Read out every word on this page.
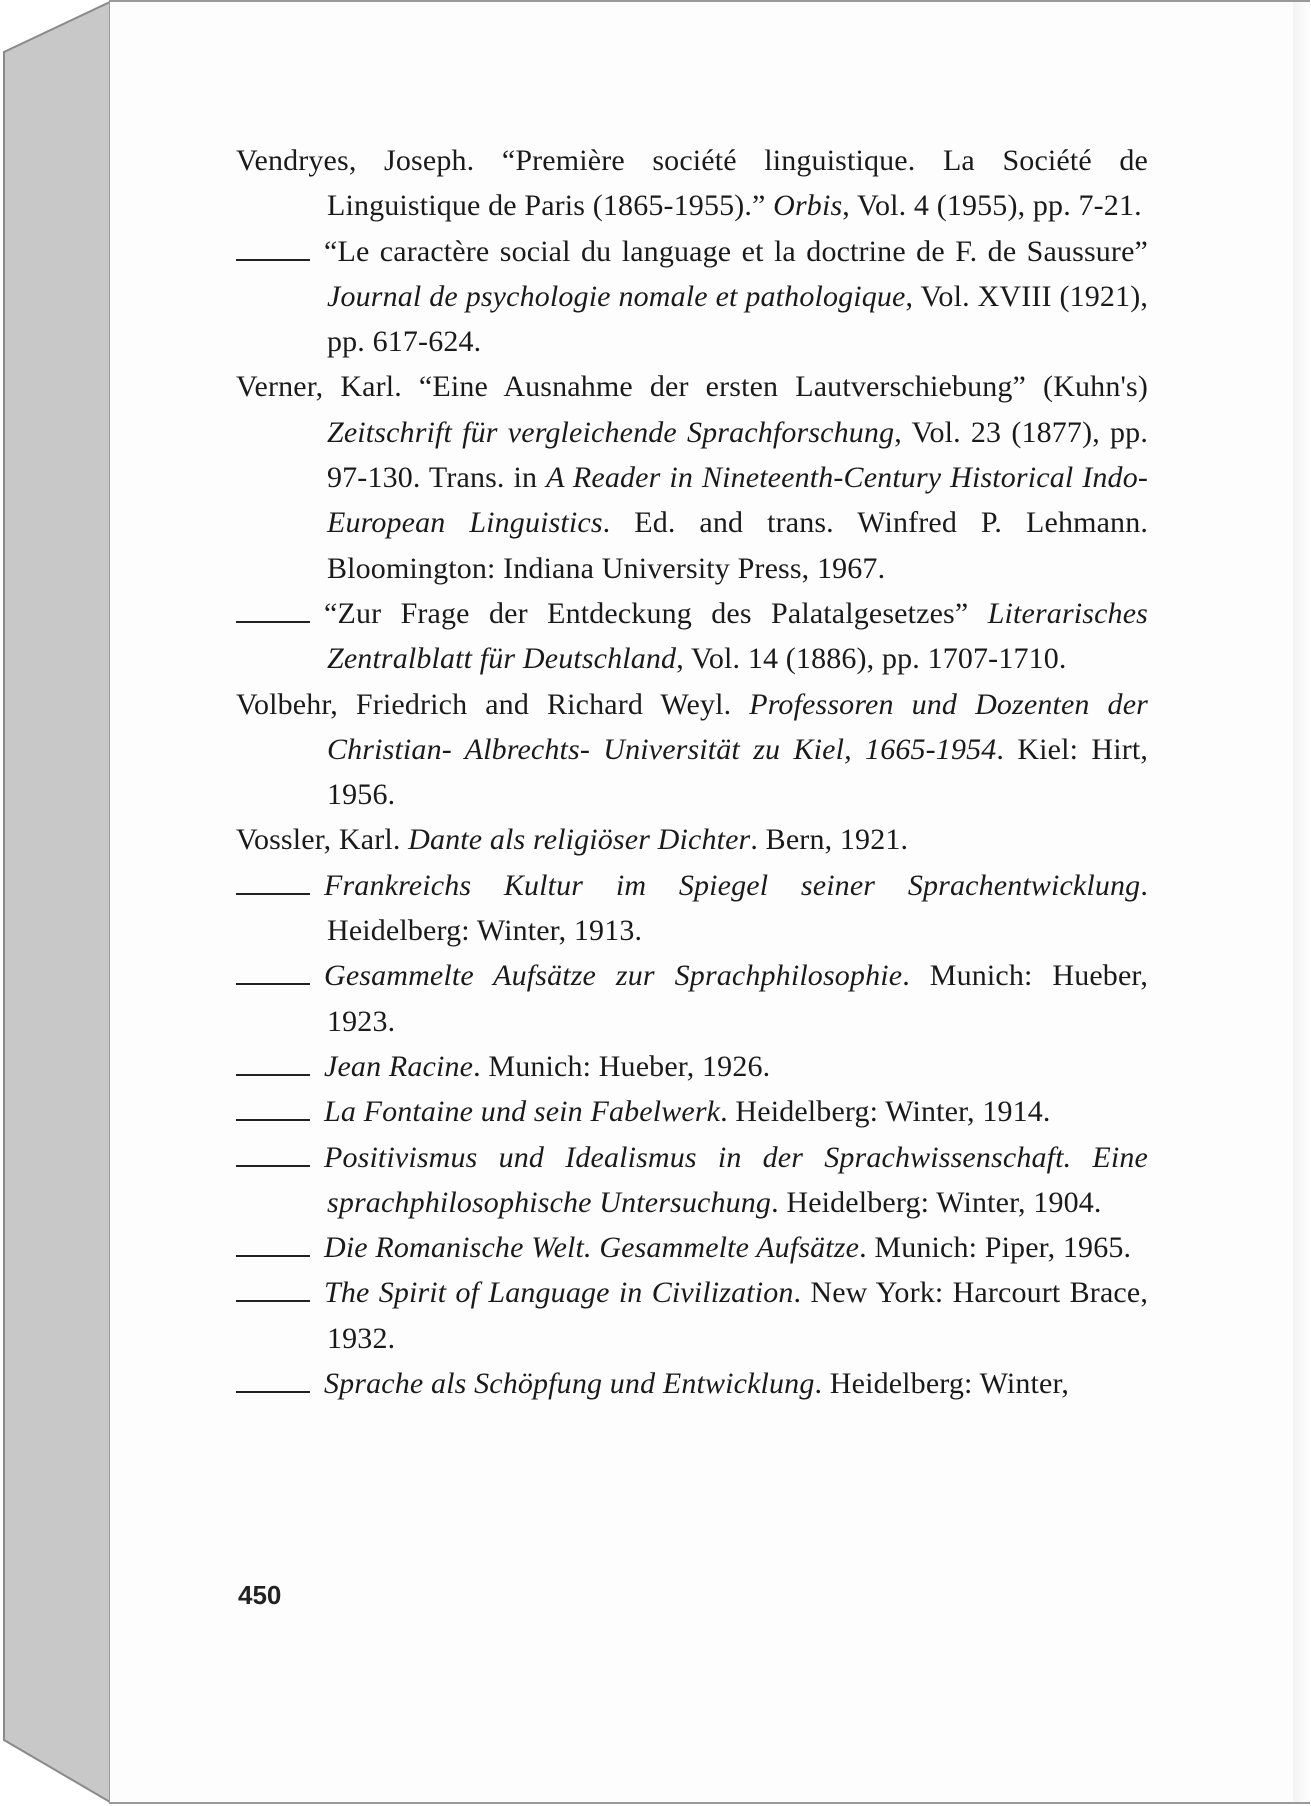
Vendryes, Joseph. “Première société linguistique. La Société de Linguistique de Paris (1865-1955).” Orbis, Vol. 4 (1955), pp. 7-21.
“Le caractère social du language et la doctrine de F. de Saussure” Journal de psychologie nomale et pathologique, Vol. XVIII (1921), pp. 617-624.
Verner, Karl. “Eine Ausnahme der ersten Lautverschiebung” (Kuhn's) Zeitschrift für vergleichende Sprachforschung, Vol. 23 (1877), pp. 97-130. Trans. in A Reader in Nineteenth-Century Historical Indo-European Linguistics. Ed. and trans. Winfred P. Lehmann. Bloomington: Indiana University Press, 1967.
“Zur Frage der Entdeckung des Palatalgesetzes” Literarisches Zentralblatt für Deutschland, Vol. 14 (1886), pp. 1707-1710.
Volbehr, Friedrich and Richard Weyl. Professoren und Dozenten der Christian- Albrechts- Universität zu Kiel, 1665-1954. Kiel: Hirt, 1956.
Vossler, Karl. Dante als religiöser Dichter. Bern, 1921.
Frankreichs Kultur im Spiegel seiner Sprachentwicklung. Heidelberg: Winter, 1913.
Gesammelte Aufsätze zur Sprachphilosophie. Munich: Hueber, 1923.
Jean Racine. Munich: Hueber, 1926.
La Fontaine und sein Fabelwerk. Heidelberg: Winter, 1914.
Positivismus und Idealismus in der Sprachwissenschaft. Eine sprachphilosophische Untersuchung. Heidelberg: Winter, 1904.
Die Romanische Welt. Gesammelte Aufsätze. Munich: Piper, 1965.
The Spirit of Language in Civilization. New York: Harcourt Brace, 1932.
Sprache als Schöpfung und Entwicklung. Heidelberg: Winter,
450
